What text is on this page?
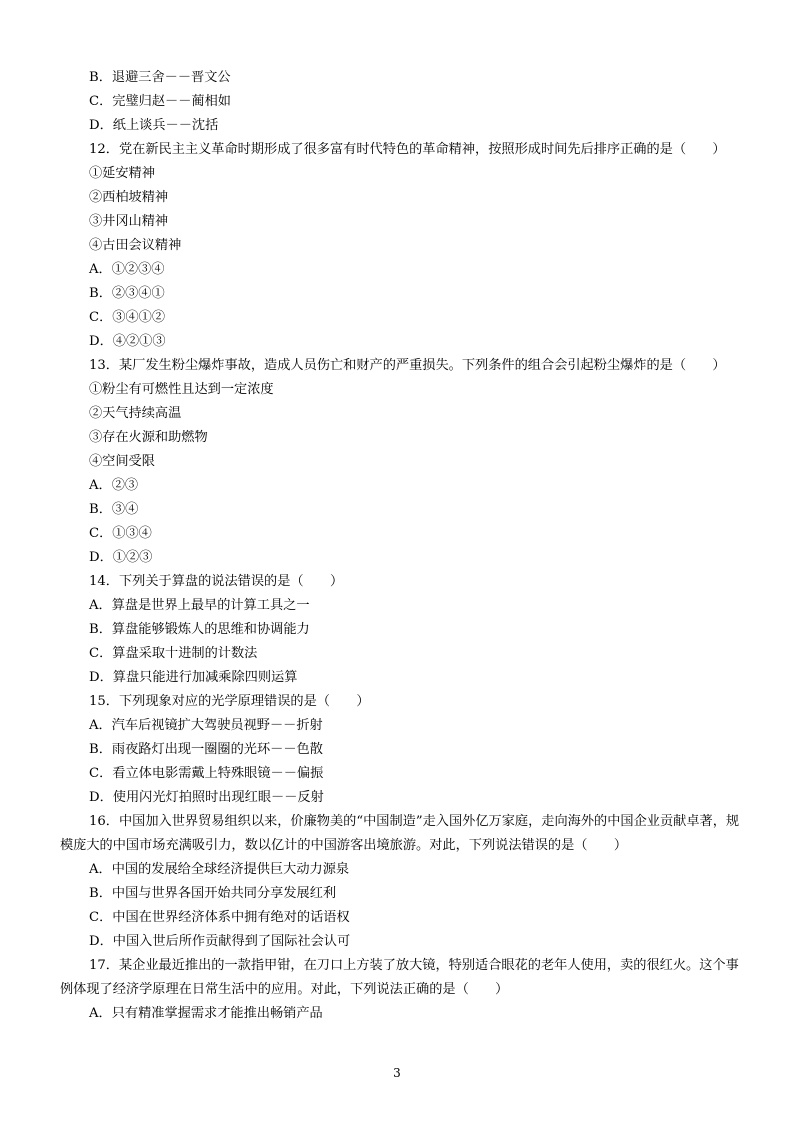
B．退避三舍－－晋文公
C．完璧归赵－－蔺相如
D．纸上谈兵－－沈括
12．党在新民主主义革命时期形成了很多富有时代特色的革命精神，按照形成时间先后排序正确的是（　　）
①延安精神
②西柏坡精神
③井冈山精神
④古田会议精神
A．①②③④
B．②③④①
C．③④①②
D．④②①③
13．某厂发生粉尘爆炸事故，造成人员伤亡和财产的严重损失。下列条件的组合会引起粉尘爆炸的是（　　）
①粉尘有可燃性且达到一定浓度
②天气持续高温
③存在火源和助燃物
④空间受限
A．②③
B．③④
C．①③④
D．①②③
14．下列关于算盘的说法错误的是（　　）
A．算盘是世界上最早的计算工具之一
B．算盘能够锻炼人的思维和协调能力
C．算盘采取十进制的计数法
D．算盘只能进行加减乘除四则运算
15．下列现象对应的光学原理错误的是（　　）
A．汽车后视镜扩大驾驶员视野－－折射
B．雨夜路灯出现一圈圈的光环－－色散
C．看立体电影需戴上特殊眼镜－－偏振
D．使用闪光灯拍照时出现红眼－－反射
16．中国加入世界贸易组织以来，价廉物美的“中国制造”走入国外亿万家庭，走向海外的中国企业贡献卓著，规模庞大的中国市场充满吸引力，数以亿计的中国游客出境旅游。对此，下列说法错误的是（　　）
A．中国的发展给全球经济提供巨大动力源泉
B．中国与世界各国开始共同分享发展红利
C．中国在世界经济体系中拥有绝对的话语权
D．中国入世后所作贡献得到了国际社会认可
17．某企业最近推出的一款指甲钳，在刀口上方装了放大镜，特别适合眼花的老年人使用，卖的很红火。这个事例体现了经济学原理在日常生活中的应用。对此，下列说法正确的是（　　）
A．只有精准掌握需求才能推出畅销产品
3
